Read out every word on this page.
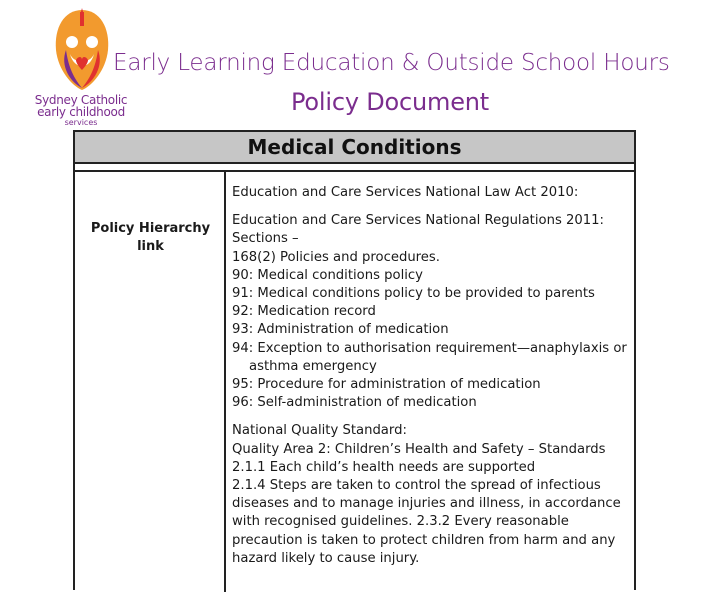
Sydney Catholic
early childhood
services
Early Learning Education & Outside School Hours
Policy Document
Medical Conditions
Policy Hierarchy
link
Education and Care Services National Law Act 2010:
Education and Care Services National Regulations 2011:
Sections –
168(2) Policies and procedures.
90: Medical conditions policy
91: Medical conditions policy to be provided to parents
92: Medication record
93: Administration of medication
94: Exception to authorisation requirement—anaphylaxis or
asthma emergency
95: Procedure for administration of medication
96: Self-administration of medication
National Quality Standard:
Quality Area 2: Children’s Health and Safety – Standards
2.1.1 Each child’s health needs are supported
2.1.4 Steps are taken to control the spread of infectious
diseases and to manage injuries and illness, in accordance
with recognised guidelines. 2.3.2 Every reasonable
precaution is taken to protect children from harm and any
hazard likely to cause injury.
